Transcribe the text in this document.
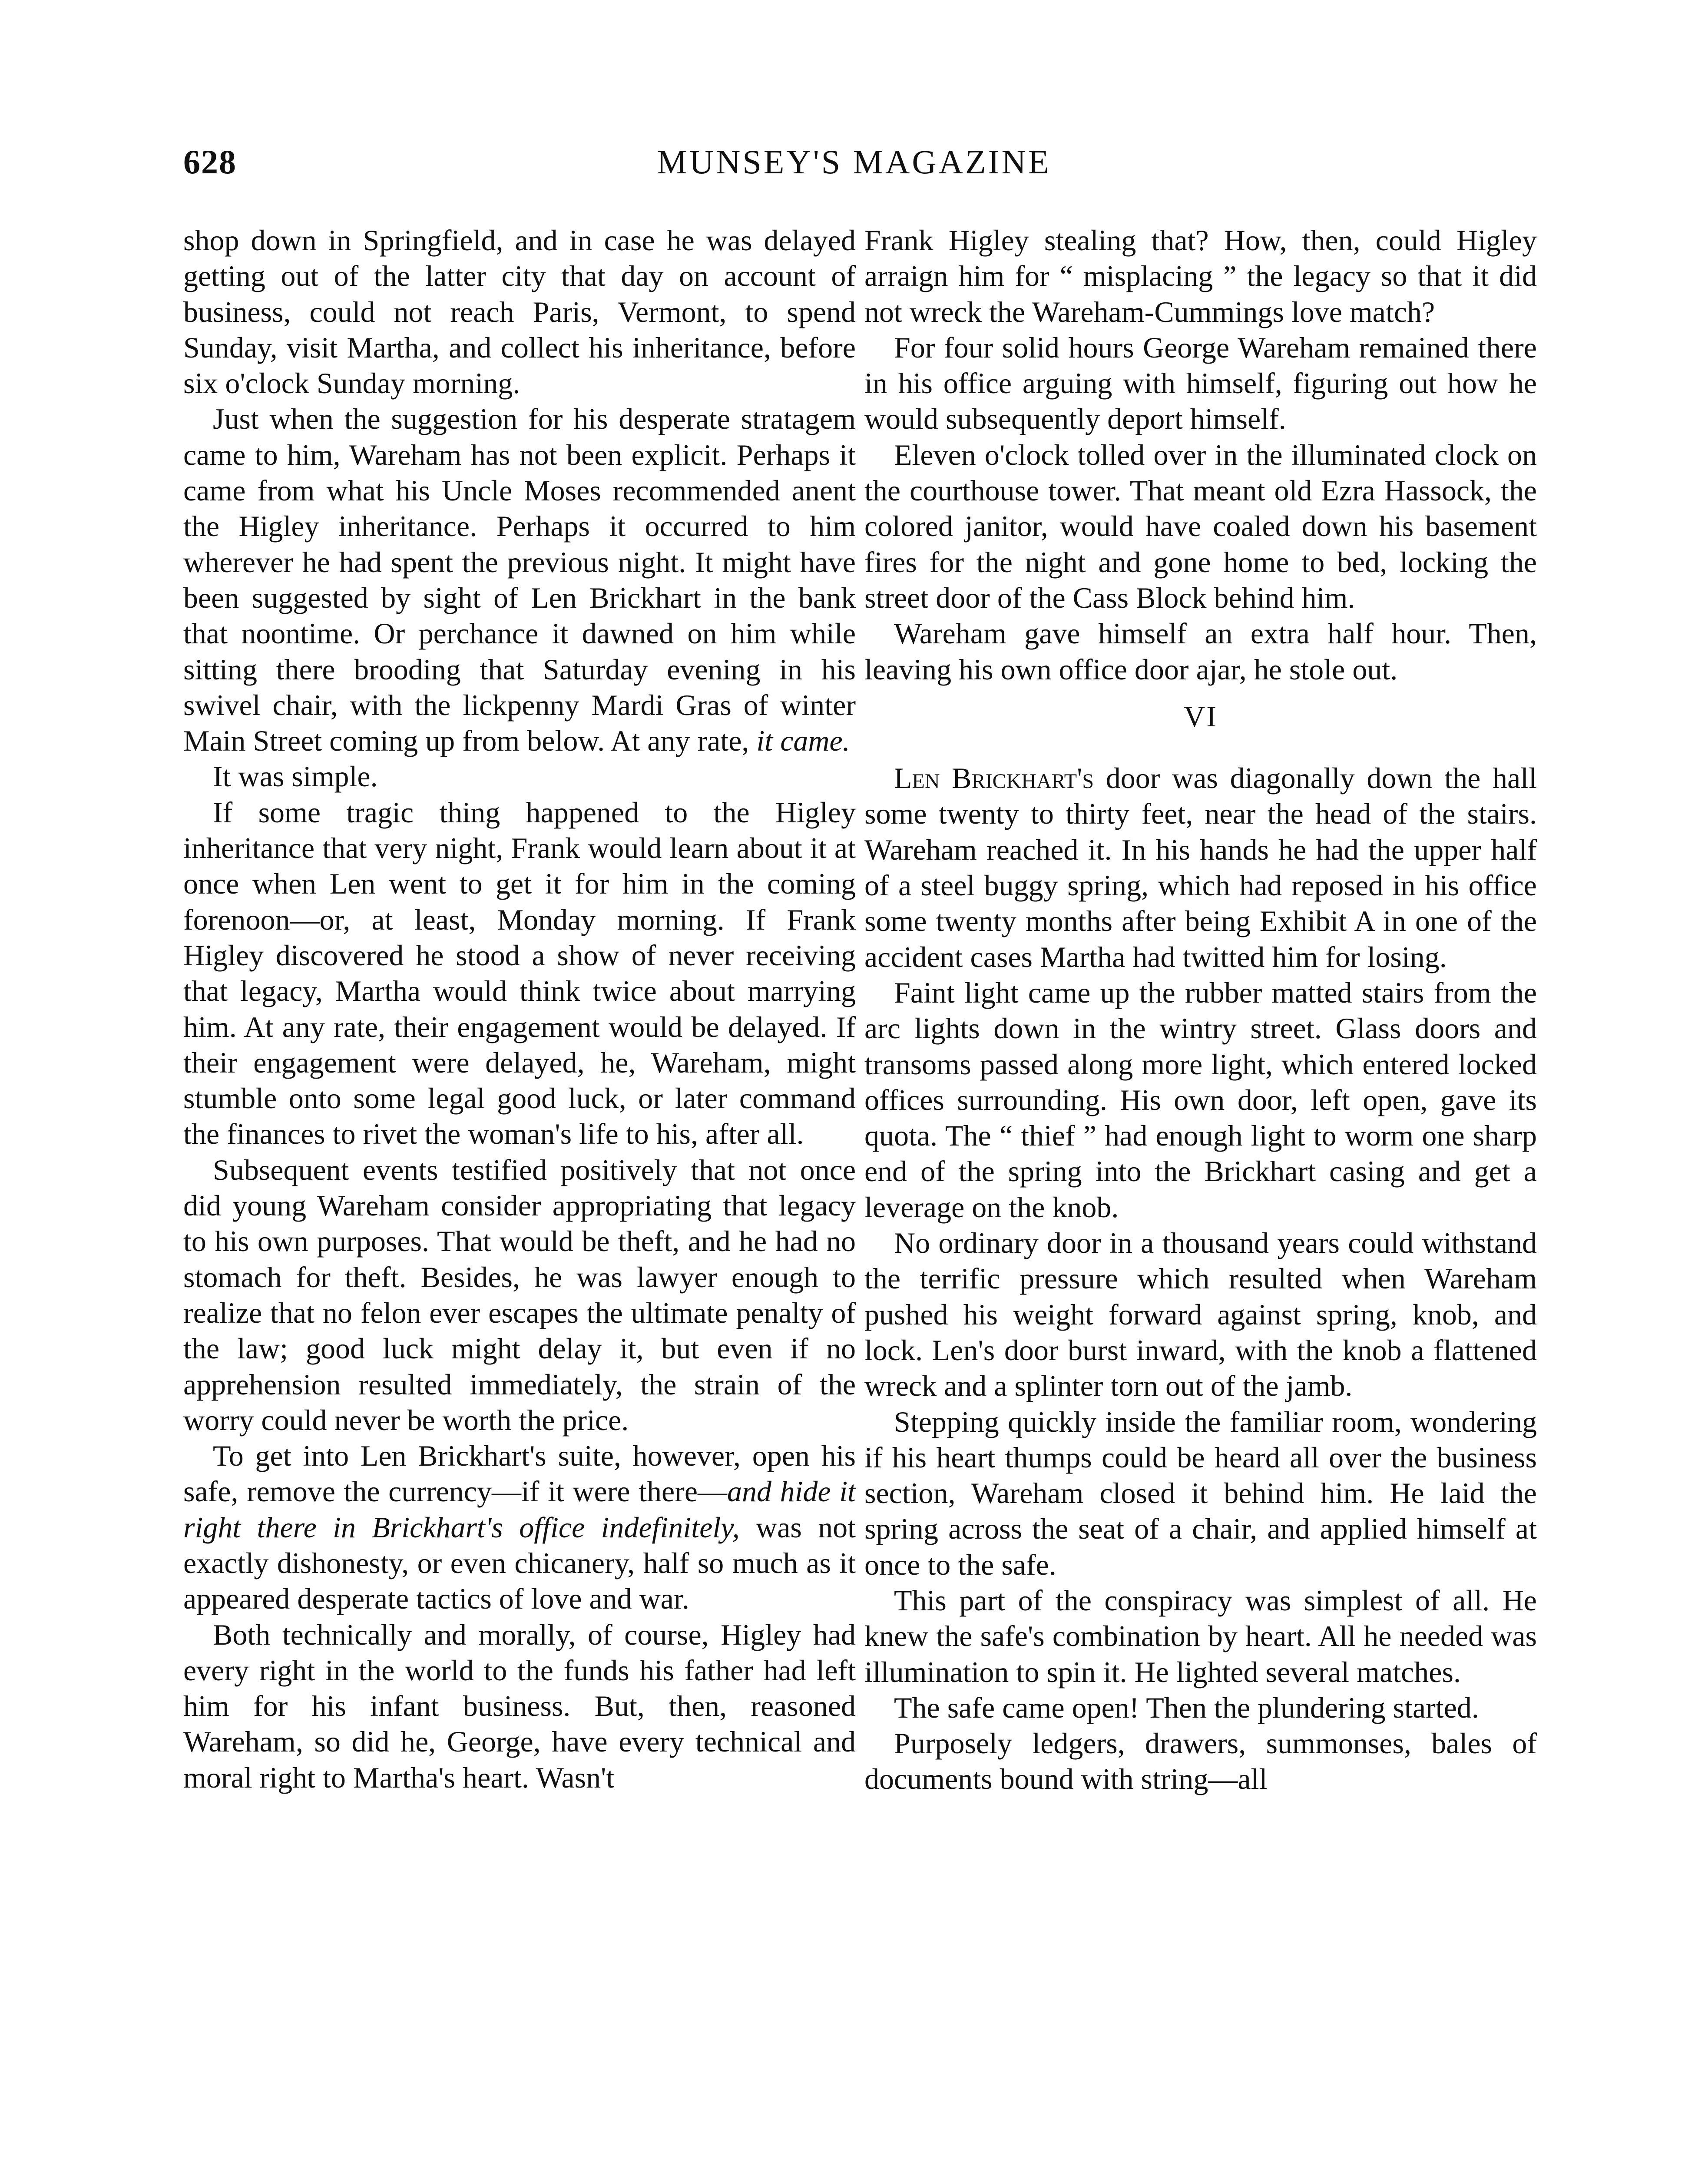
628	MUNSEY'S MAGAZINE

shop down in Springfield, and in case he was delayed getting out of the latter city that day on account of business, could not reach Paris, Vermont, to spend Sunday, visit Martha, and collect his inheritance, before six o'clock Sunday morning.

Just when the suggestion for his desperate stratagem came to him, Wareham has not been explicit. Perhaps it came from what his Uncle Moses recommended anent the Higley inheritance. Perhaps it occurred to him wherever he had spent the previous night. It might have been suggested by sight of Len Brickhart in the bank that noontime. Or perchance it dawned on him while sitting there brooding that Saturday evening in his swivel chair, with the lickpenny Mardi Gras of winter Main Street coming up from below. At any rate, it came.

It was simple.

If some tragic thing happened to the Higley inheritance that very night, Frank would learn about it at once when Len went to get it for him in the coming forenoon—or, at least, Monday morning. If Frank Higley discovered he stood a show of never receiving that legacy, Martha would think twice about marrying him. At any rate, their engagement would be delayed. If their engagement were delayed, he, Wareham, might stumble onto some legal good luck, or later command the finances to rivet the woman's life to his, after all.

Subsequent events testified positively that not once did young Wareham consider appropriating that legacy to his own purposes. That would be theft, and he had no stomach for theft. Besides, he was lawyer enough to realize that no felon ever escapes the ultimate penalty of the law; good luck might delay it, but even if no apprehension resulted immediately, the strain of the worry could never be worth the price.

To get into Len Brickhart's suite, however, open his safe, remove the currency—if it were there—and hide it right there in Brickhart's office indefinitely, was not exactly dishonesty, or even chicanery, half so much as it appeared desperate tactics of love and war.

Both technically and morally, of course, Higley had every right in the world to the funds his father had left him for his infant business. But, then, reasoned Wareham, so did he, George, have every technical and moral right to Martha's heart. Wasn't

Frank Higley stealing that? How, then, could Higley arraign him for “ misplacing ” the legacy so that it did not wreck the Wareham-Cummings love match?

For four solid hours George Wareham remained there in his office arguing with himself, figuring out how he would subsequently deport himself.

Eleven o'clock tolled over in the illuminated clock on the courthouse tower. That meant old Ezra Hassock, the colored janitor, would have coaled down his basement fires for the night and gone home to bed, locking the street door of the Cass Block behind him.

Wareham gave himself an extra half hour. Then, leaving his own office door ajar, he stole out.

VI

Len Brickhart's door was diagonally down the hall some twenty to thirty feet, near the head of the stairs. Wareham reached it. In his hands he had the upper half of a steel buggy spring, which had reposed in his office some twenty months after being Exhibit A in one of the accident cases Martha had twitted him for losing.

Faint light came up the rubber matted stairs from the arc lights down in the wintry street. Glass doors and transoms passed along more light, which entered locked offices surrounding. His own door, left open, gave its quota. The “ thief ” had enough light to worm one sharp end of the spring into the Brickhart casing and get a leverage on the knob.

No ordinary door in a thousand years could withstand the terrific pressure which resulted when Wareham pushed his weight forward against spring, knob, and lock. Len's door burst inward, with the knob a flattened wreck and a splinter torn out of the jamb.

Stepping quickly inside the familiar room, wondering if his heart thumps could be heard all over the business section, Wareham closed it behind him. He laid the spring across the seat of a chair, and applied himself at once to the safe.

This part of the conspiracy was simplest of all. He knew the safe's combination by heart. All he needed was illumination to spin it. He lighted several matches.

The safe came open! Then the plundering started.

Purposely ledgers, drawers, summonses, bales of documents bound with string—all
